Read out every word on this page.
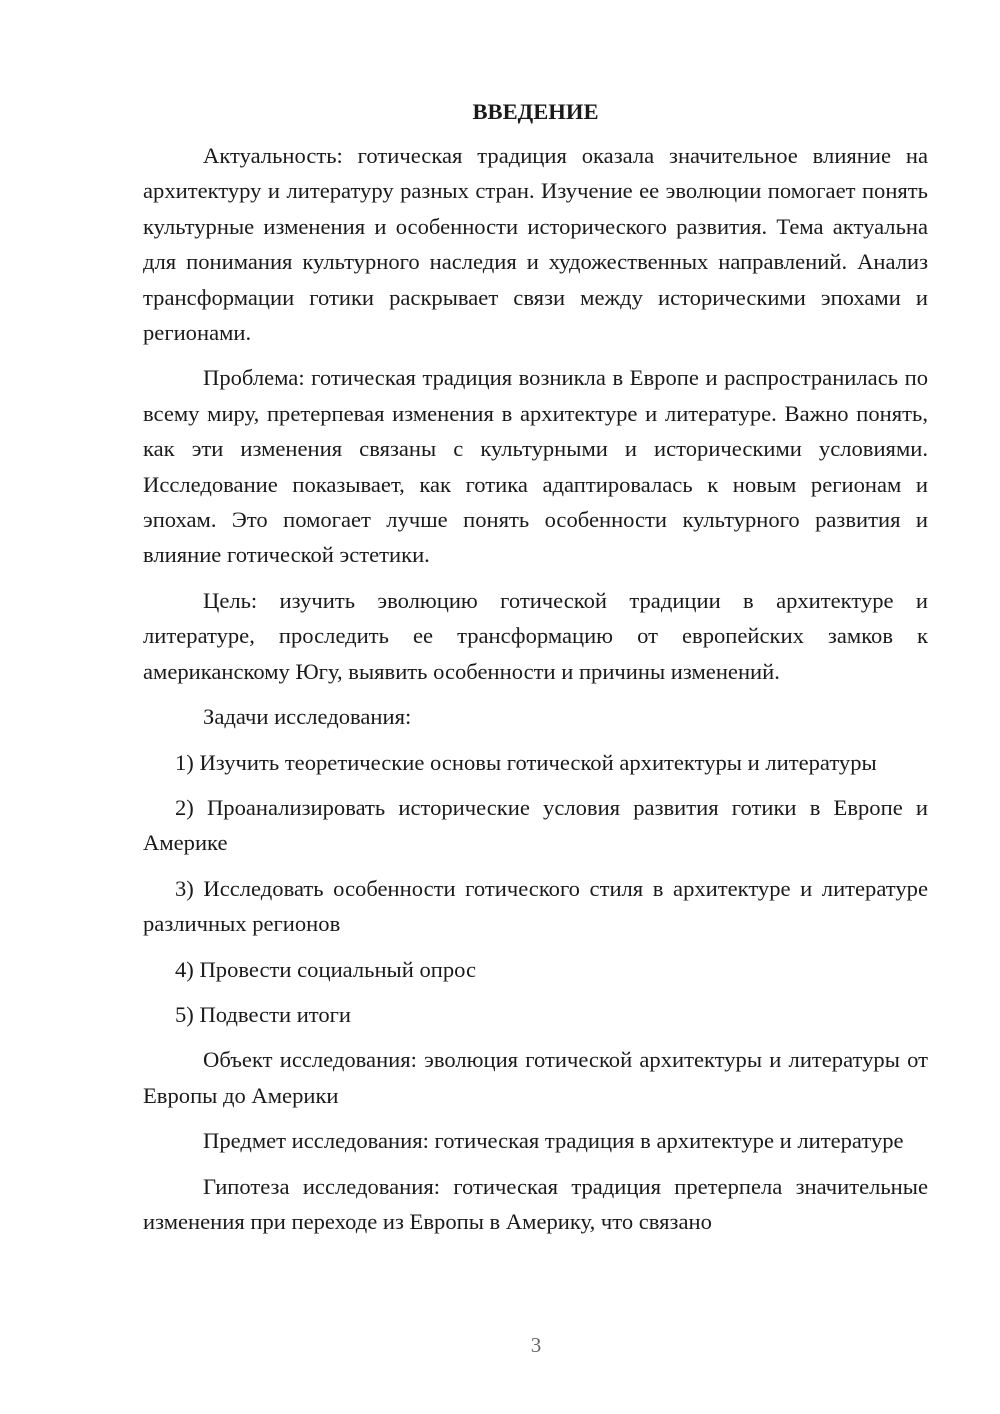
ВВЕДЕНИЕ

Актуальность: готическая традиция оказала значительное влияние на архитектуру и литературу разных стран. Изучение ее эволюции помогает понять культурные изменения и особенности исторического развития. Тема актуальна для понимания культурного наследия и художественных направлений. Анализ трансформации готики раскрывает связи между историческими эпохами и регионами.

Проблема: готическая традиция возникла в Европе и распространилась по всему миру, претерпевая изменения в архитектуре и литературе. Важно понять, как эти изменения связаны с культурными и историческими условиями. Исследование показывает, как готика адаптировалась к новым регионам и эпохам. Это помогает лучше понять особенности культурного развития и влияние готической эстетики.

Цель: изучить эволюцию готической традиции в архитектуре и литературе, проследить ее трансформацию от европейских замков к американскому Югу, выявить особенности и причины изменений.

Задачи исследования:

1) Изучить теоретические основы готической архитектуры и литературы

2) Проанализировать исторические условия развития готики в Европе и Америке

3) Исследовать особенности готического стиля в архитектуре и литературе различных регионов

4) Провести социальный опрос

5) Подвести итоги

Объект исследования: эволюция готической архитектуры и литературы от Европы до Америки

Предмет исследования: готическая традиция в архитектуре и литературе

Гипотеза исследования: готическая традиция претерпела значительные изменения при переходе из Европы в Америку, что связано

3
